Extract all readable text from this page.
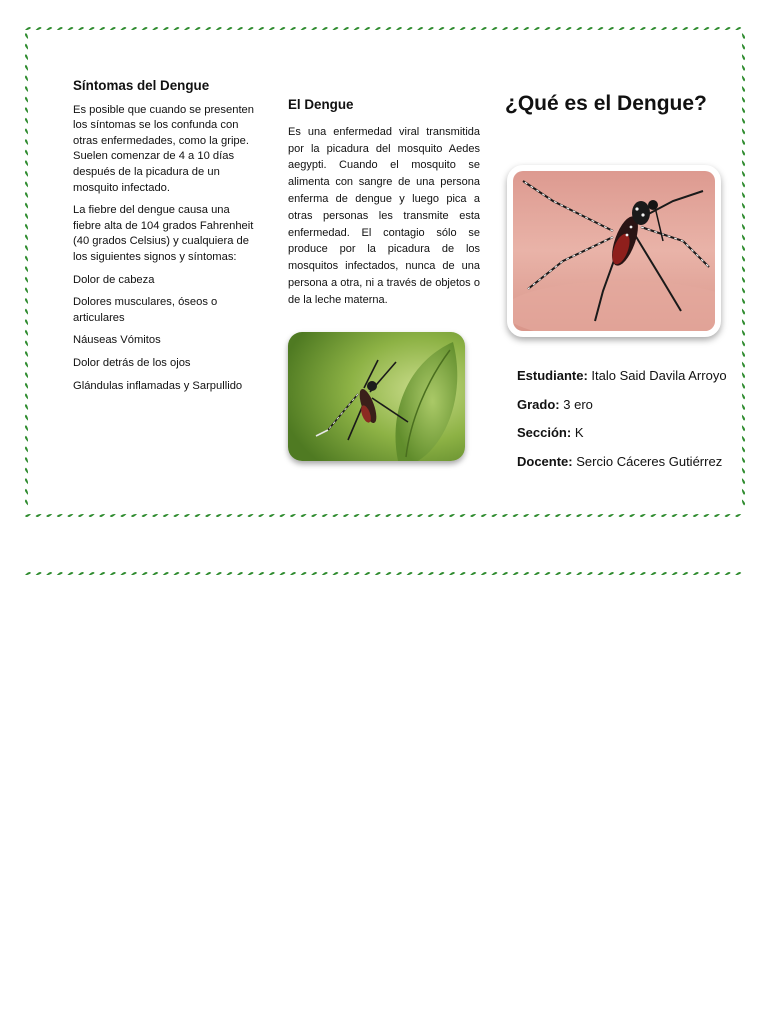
Síntomas del Dengue

Es posible que cuando se presenten los síntomas se los confunda con otras enfermedades, como la gripe. Suelen comenzar de 4 a 10 días después de la picadura de un mosquito infectado.

La fiebre del dengue causa una fiebre alta de 104 grados Fahrenheit (40 grados Celsius) y cualquiera de los siguientes signos y síntomas:

Dolor de cabeza

Dolores musculares, óseos o articulares

Náuseas Vómitos

Dolor detrás de los ojos

Glándulas inflamadas y Sarpullido

El Dengue

Es una enfermedad viral transmitida por la picadura del mosquito Aedes aegypti. Cuando el mosquito se alimenta con sangre de una persona enferma de dengue y luego pica a otras personas les transmite esta enfermedad. El contagio sólo se produce por la picadura de los mosquitos infectados, nunca de una persona a otra, ni a través de objetos o de la leche materna.

¿Qué es el Dengue?
Estudiante: Italo Said Davila Arroyo
Grado: 3 ero
Sección: K
Docente: Sercio Cáceres Gutiérrez
